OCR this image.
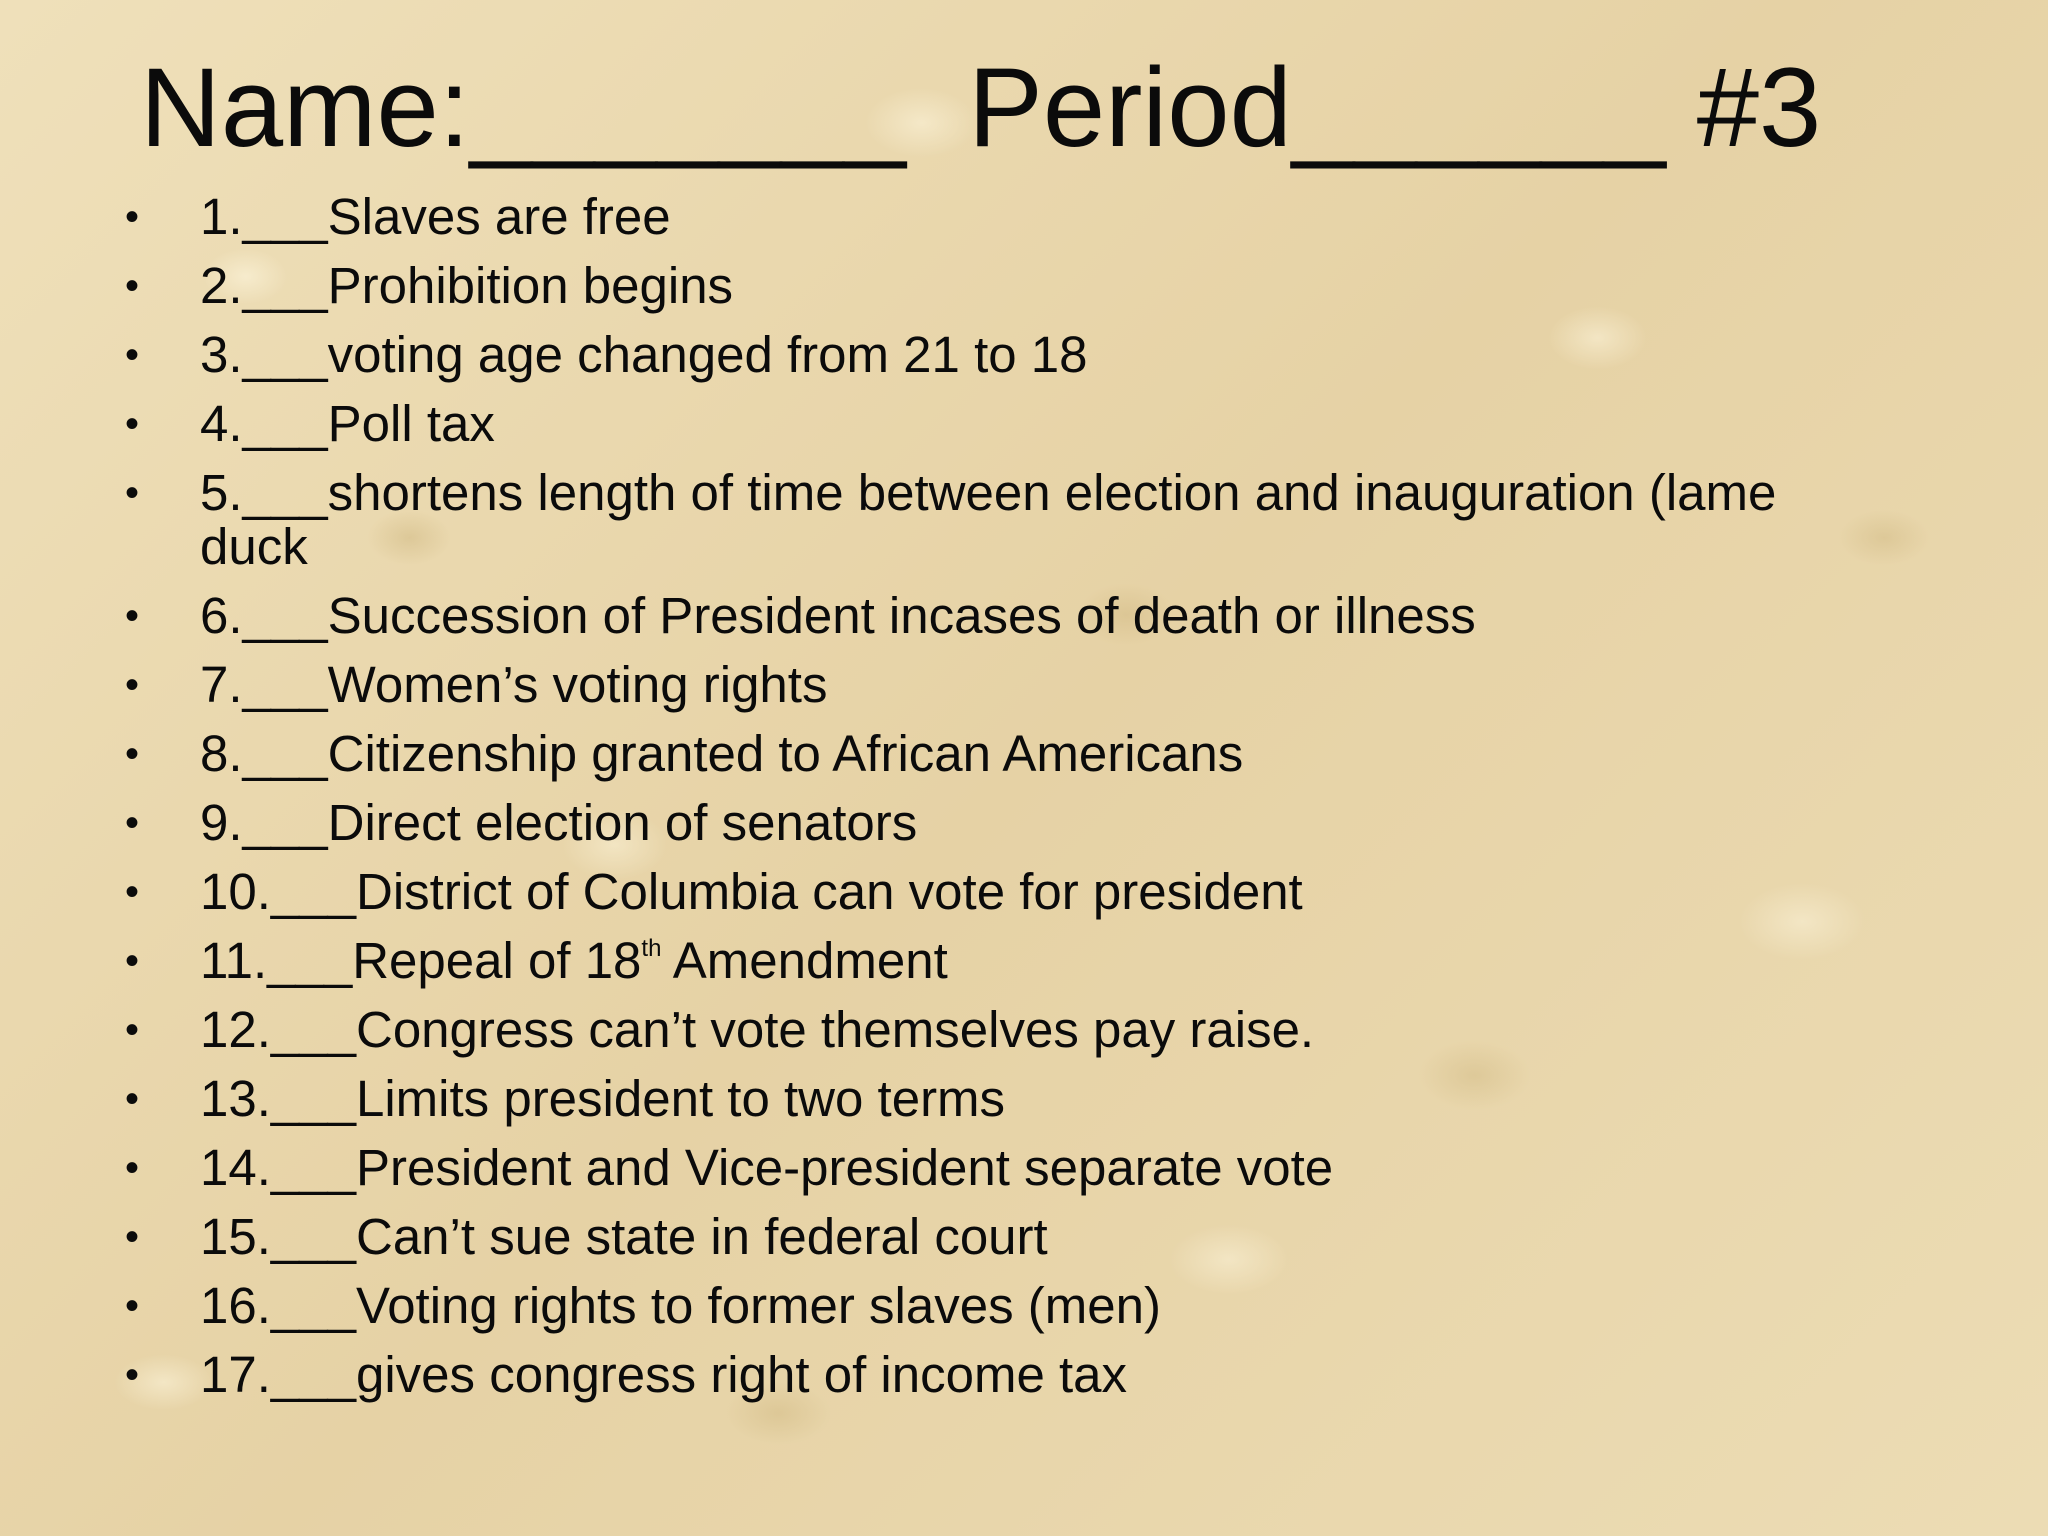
Name:_______  Period______ #3
• 1.___Slaves are free
• 2.___Prohibition begins
• 3.___voting age changed from 21 to 18
• 4.___Poll tax
• 5.___shortens length of time between election and inauguration (lame duck
• 6.___Succession of President incases of death or illness
• 7.___Women’s voting rights
• 8.___Citizenship granted to African Americans
• 9.___Direct election of senators
• 10.___District of Columbia can vote for president
• 11.___Repeal of 18th Amendment
• 12.___Congress can’t vote themselves pay raise.
• 13.___Limits president to two terms
• 14.___President and Vice-president separate vote
• 15.___Can’t sue state in federal court
• 16.___Voting rights to former slaves (men)
• 17.___gives congress right of income tax
